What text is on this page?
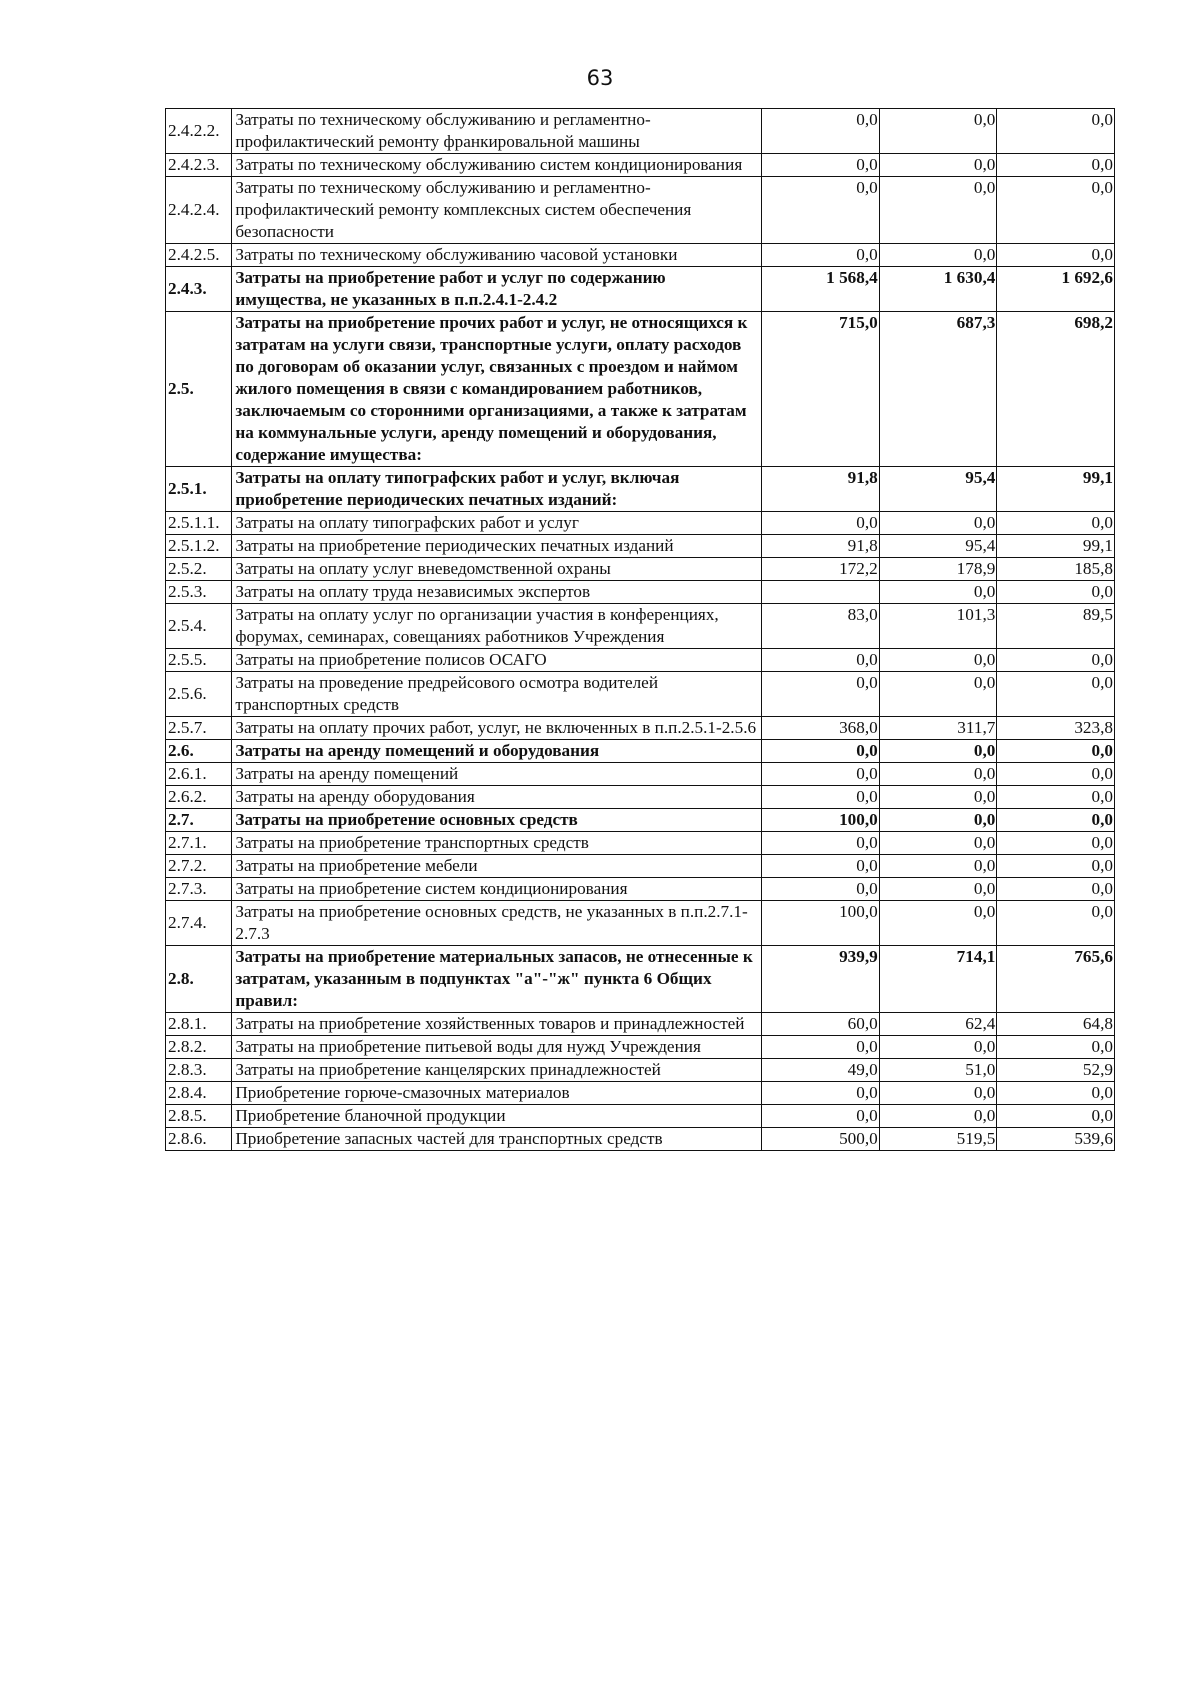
63
2.4.2.2.	Затраты по техническому обслуживанию и регламентно-профилактический ремонту франкировальной машины	0,0	0,0	0,0
2.4.2.3.	Затраты по техническому обслуживанию систем кондиционирования	0,0	0,0	0,0
2.4.2.4.	Затраты по техническому обслуживанию и регламентно-профилактический ремонту комплексных систем обеспечения безопасности	0,0	0,0	0,0
2.4.2.5.	Затраты по техническому обслуживанию часовой установки	0,0	0,0	0,0
2.4.3.	Затраты на приобретение работ и услуг по содержанию имущества, не указанных в п.п.2.4.1-2.4.2	1 568,4	1 630,4	1 692,6
2.5.	Затраты на приобретение прочих работ и услуг, не относящихся к затратам на услуги связи, транспортные услуги, оплату расходов по договорам об оказании услуг, связанных с проездом и наймом жилого помещения в связи с командированием работников, заключаемым со сторонними организациями, а также к затратам на коммунальные услуги, аренду помещений и оборудования, содержание имущества:	715,0	687,3	698,2
2.5.1.	Затраты на оплату типографских работ и услуг, включая приобретение периодических печатных изданий:	91,8	95,4	99,1
2.5.1.1.	Затраты на оплату типографских работ и услуг	0,0	0,0	0,0
2.5.1.2.	Затраты на приобретение периодических печатных изданий	91,8	95,4	99,1
2.5.2.	Затраты на оплату услуг вневедомственной охраны	172,2	178,9	185,8
2.5.3.	Затраты на оплату труда независимых экспертов		0,0	0,0
2.5.4.	Затраты на оплату услуг по организации участия в конференциях, форумах, семинарах, совещаниях работников Учреждения	83,0	101,3	89,5
2.5.5.	Затраты на приобретение полисов ОСАГО	0,0	0,0	0,0
2.5.6.	Затраты на проведение предрейсового осмотра водителей транспортных средств	0,0	0,0	0,0
2.5.7.	Затраты на оплату прочих работ, услуг, не включенных в п.п.2.5.1-2.5.6	368,0	311,7	323,8
2.6.	Затраты на аренду помещений и оборудования	0,0	0,0	0,0
2.6.1.	Затраты на аренду помещений	0,0	0,0	0,0
2.6.2.	Затраты на аренду оборудования	0,0	0,0	0,0
2.7.	Затраты на приобретение основных средств	100,0	0,0	0,0
2.7.1.	Затраты на приобретение транспортных средств	0,0	0,0	0,0
2.7.2.	Затраты на приобретение мебели	0,0	0,0	0,0
2.7.3.	Затраты на приобретение систем кондиционирования	0,0	0,0	0,0
2.7.4.	Затраты на приобретение основных средств, не указанных в п.п.2.7.1-2.7.3	100,0	0,0	0,0
2.8.	Затраты на приобретение материальных запасов, не отнесенные к затратам, указанным в подпунктах "а"-"ж" пункта 6 Общих правил:	939,9	714,1	765,6
2.8.1.	Затраты на приобретение хозяйственных товаров и принадлежностей	60,0	62,4	64,8
2.8.2.	Затраты на приобретение питьевой воды для нужд Учреждения	0,0	0,0	0,0
2.8.3.	Затраты на приобретение канцелярских принадлежностей	49,0	51,0	52,9
2.8.4.	Приобретение горюче-смазочных материалов	0,0	0,0	0,0
2.8.5.	Приобретение бланочной продукции	0,0	0,0	0,0
2.8.6.	Приобретение запасных частей для транспортных средств	500,0	519,5	539,6
